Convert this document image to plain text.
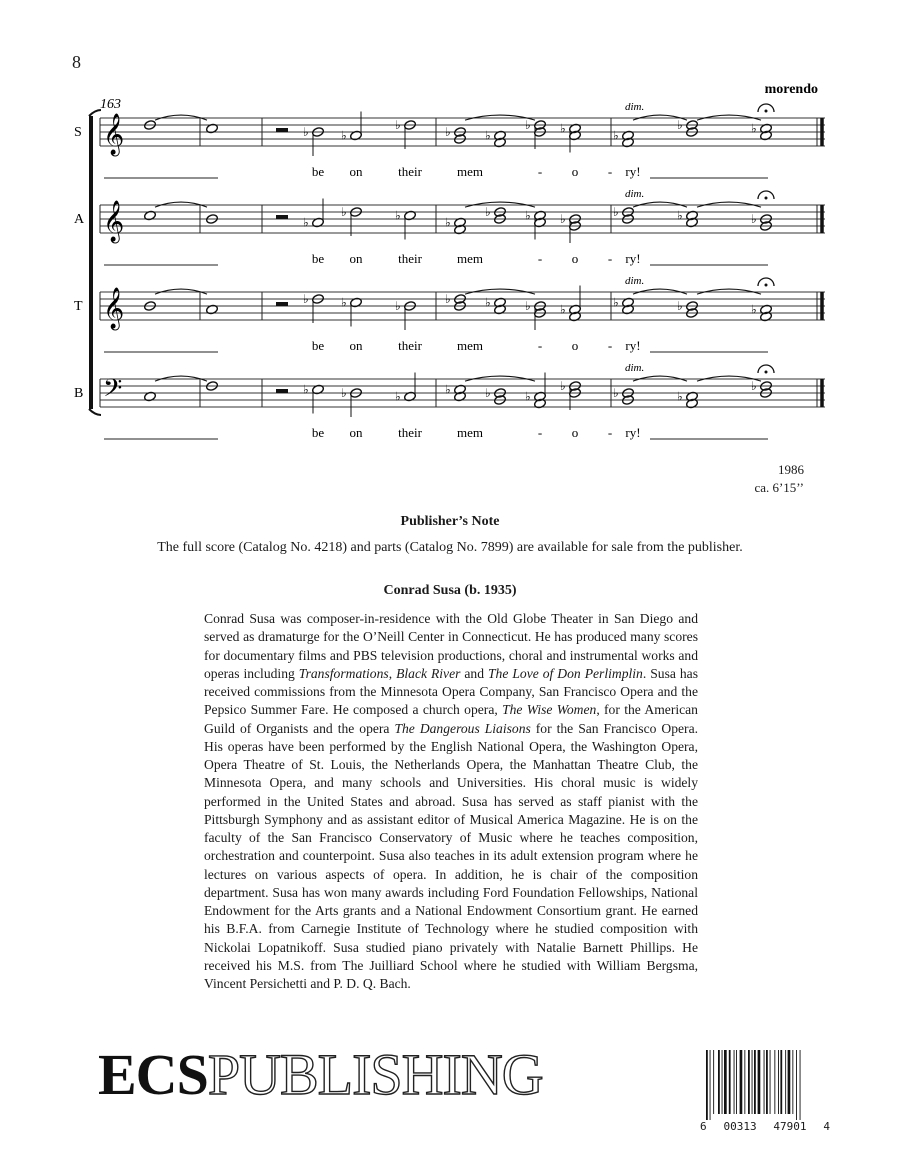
8
𝄞
S	♭	♭
♭	♭	♭
♭ ♭	♭
♭	♭
dim.
be on	their	mem	- o - ry!
𝄞
A	♭
♭	♭	♭
♭	♭ ♭	♭	♭	♭
dim.
be on	their	mem	- o - ry!
𝄞
T	♭	♭	♭	♭	♭	♭ ♭	♭	♭	♭
dim.
be on	their	mem	- o - ry!
𝄢
B	♭	♭	♭	♭	♭	♭
♭	♭	♭
♭
dim.
be on	their	mem	- o - ry!
163
morendo
1986
ca. 6’15’’
Publisher’s Note
The full score (Catalog No. 4218) and parts (Catalog No. 7899) are available for sale from the publisher.
Conrad Susa (b. 1935)

Conrad Susa was composer-in-residence with the Old Globe Theater in San Diego and served as dramaturge for the O’Neill Center in Connecticut. He has produced many scores for documentary films and PBS television productions, choral and instrumental works and operas including Transformations, Black River and The Love of Don Perlimplin. Susa has received commissions from the Minnesota Opera Company, San Francisco Opera and the Pepsico Summer Fare. He composed a church opera, The Wise Women, for the American Guild of Organists and the opera The Dangerous Liaisons for the San Francisco Opera. His operas have been performed by the English National Opera, the Washington Opera, Opera Theatre of St. Louis, the Netherlands Opera, the Manhattan Theatre Club, the Minnesota Opera, and many schools and Universities. His choral music is widely performed in the United States and abroad. Susa has served as staff pianist with the Pittsburgh Symphony and as assistant editor of Musical America Magazine. He is on the faculty of the San Francisco Conservatory of Music where he teaches composition, orchestration and counterpoint. Susa also teaches in its adult extension program where he lectures on various aspects of opera. In addition, he is chair of the composition department. Susa has won many awards including Ford Foundation Fellowships, National Endowment for the Arts grants and a National Endowment Consortium grant. He earned his B.F.A. from Carnegie Institute of Technology where he studied composition with Nickolai Lopatnikoff. Susa studied piano privately with Natalie Barnett Phillips. He received his M.S. from The Juilliard School where he studied with William Bergsma, Vincent Persichetti and P. D. Q. Bach.

ECSPUBLISHING
6 00313 47901 4
